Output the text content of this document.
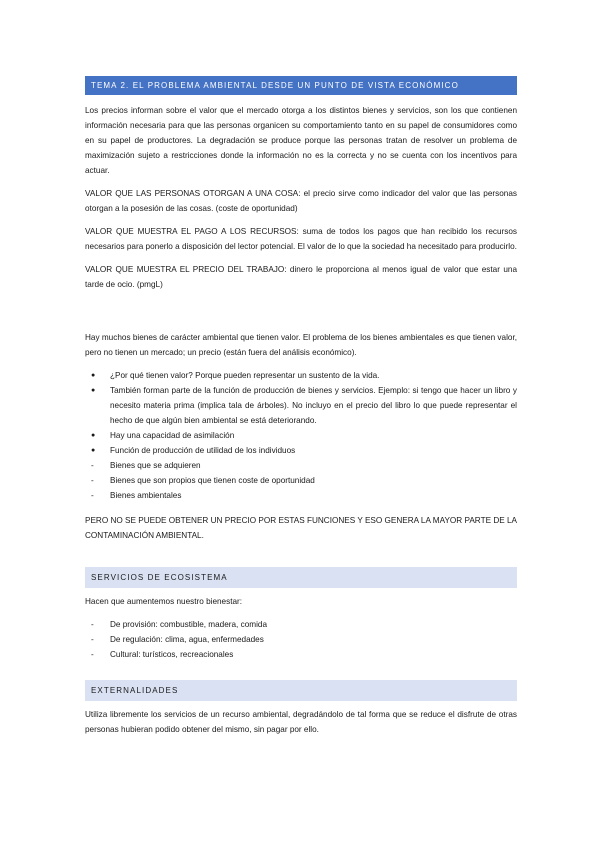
TEMA 2. EL PROBLEMA AMBIENTAL DESDE UN PUNTO DE VISTA ECONÓMICO

Los precios informan sobre el valor que el mercado otorga a los distintos bienes y servicios, son los que contienen información necesaria para que las personas organicen su comportamiento tanto en su papel de consumidores como en su papel de productores. La degradación se produce porque las personas tratan de resolver un problema de maximización sujeto a restricciones donde la información no es la correcta y no se cuenta con los incentivos para actuar.

VALOR QUE LAS PERSONAS OTORGAN A UNA COSA: el precio sirve como indicador del valor que las personas otorgan a la posesión de las cosas. (coste de oportunidad)

VALOR QUE MUESTRA EL PAGO A LOS RECURSOS: suma de todos los pagos que han recibido los recursos necesarios para ponerlo a disposición del lector potencial. El valor de lo que la sociedad ha necesitado para producirlo.

VALOR QUE MUESTRA EL PRECIO DEL TRABAJO: dinero le proporciona al menos igual de valor que estar una tarde de ocio. (pmgL)

Hay muchos bienes de carácter ambiental que tienen valor. El problema de los bienes ambientales es que tienen valor, pero no tienen un mercado; un precio (están fuera del análisis económico).

● ¿Por qué tienen valor? Porque pueden representar un sustento de la vida.
● También forman parte de la función de producción de bienes y servicios. Ejemplo: si tengo que hacer un libro y necesito materia prima (implica tala de árboles). No incluyo en el precio del libro lo que puede representar el hecho de que algún bien ambiental se está deteriorando.
● Hay una capacidad de asimilación
● Función de producción de utilidad de los individuos
- Bienes que se adquieren
- Bienes que son propios que tienen coste de oportunidad
- Bienes ambientales

PERO NO SE PUEDE OBTENER UN PRECIO POR ESTAS FUNCIONES Y ESO GENERA LA MAYOR PARTE DE LA CONTAMINACIÓN AMBIENTAL.

SERVICIOS DE ECOSISTEMA

Hacen que aumentemos nuestro bienestar:

- De provisión: combustible, madera, comida
- De regulación: clima, agua, enfermedades
- Cultural: turísticos, recreacionales
EXTERNALIDADES

Utiliza libremente los servicios de un recurso ambiental, degradándolo de tal forma que se reduce el disfrute de otras personas hubieran podido obtener del mismo, sin pagar por ello.
